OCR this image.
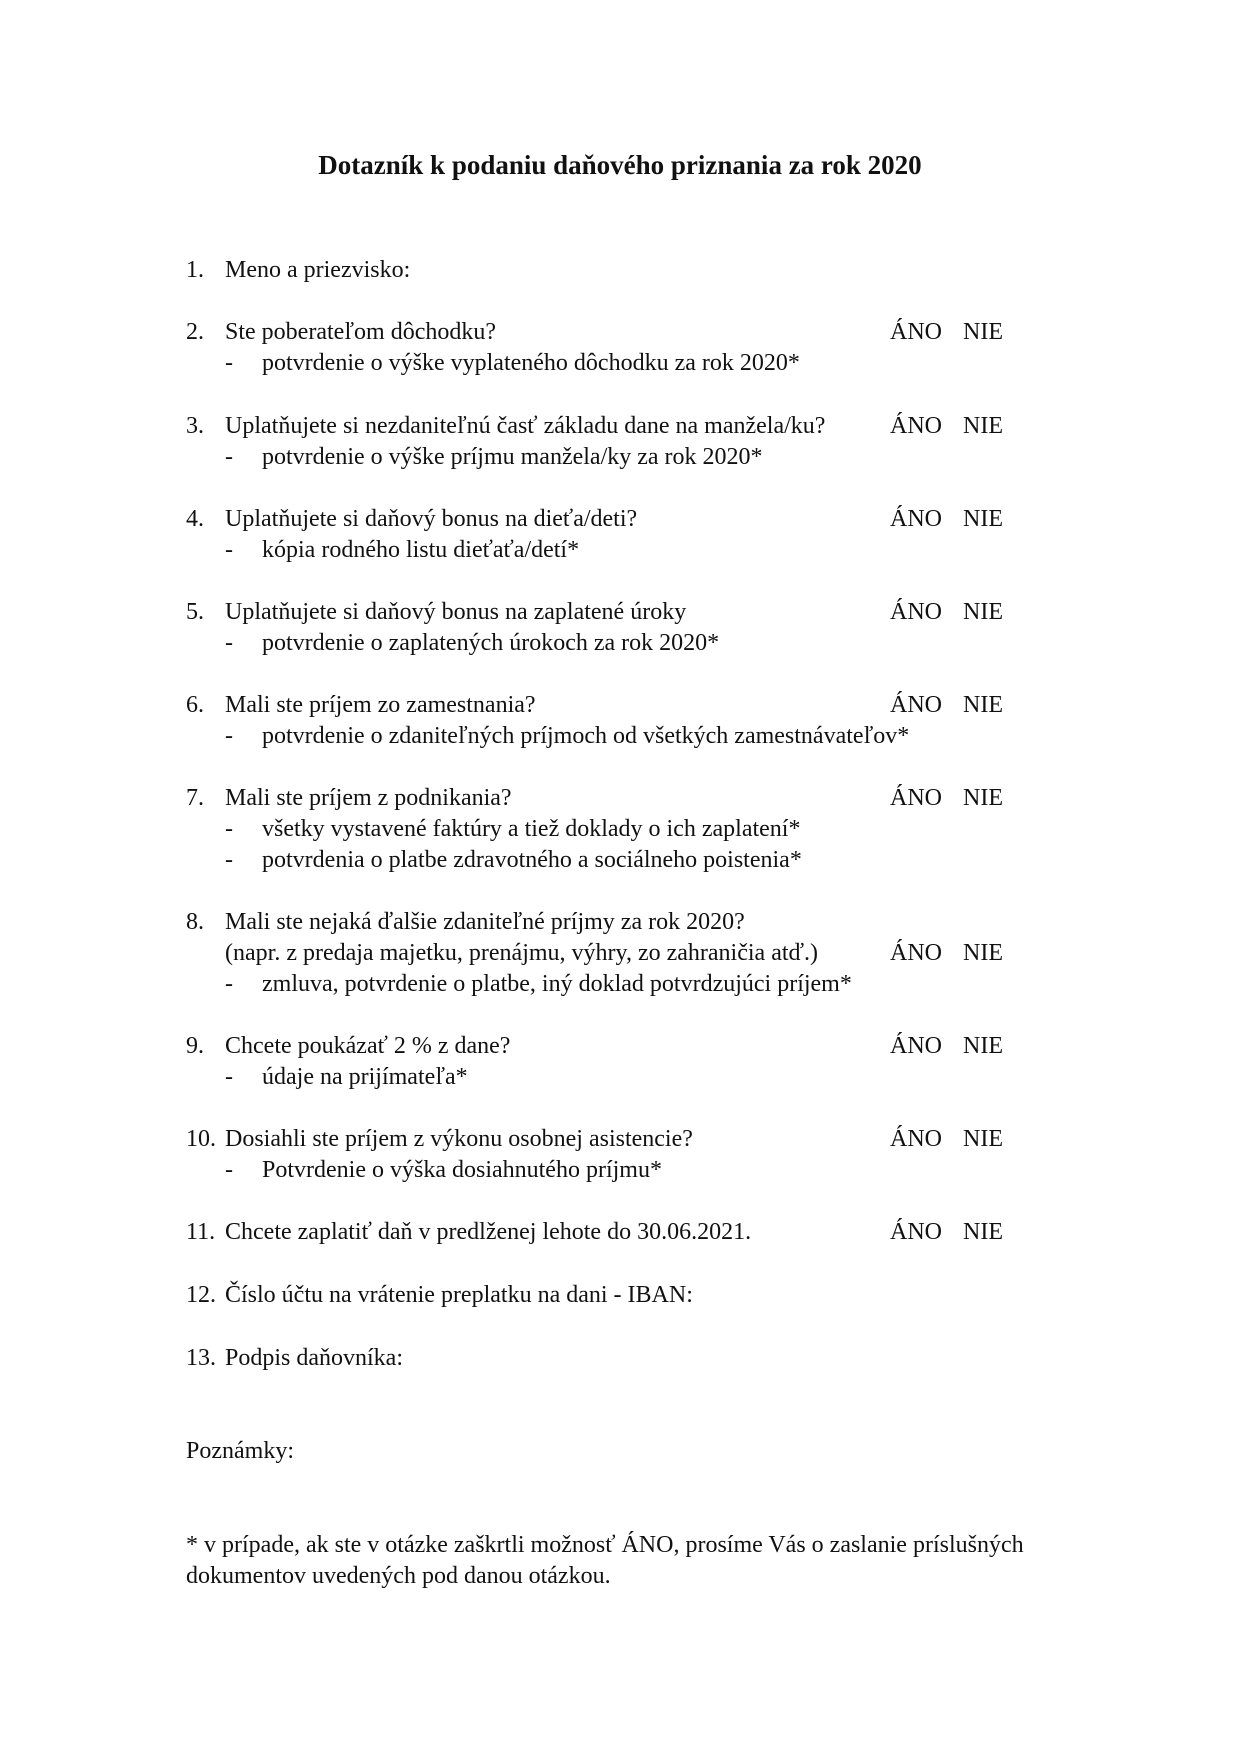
Dotazník k podaniu daňového priznania za rok 2020
1. Meno a priezvisko:
2. Ste poberateľom dôchodku?	ÁNO NIE
- potvrdenie o výške vyplateného dôchodku za rok 2020*
3. Uplatňujete si nezdaniteľnú časť základu dane na manžela/ku?	ÁNO NIE
- potvrdenie o výške príjmu manžela/ky za rok 2020*
4. Uplatňujete si daňový bonus na dieťa/deti?	ÁNO NIE
- kópia rodného listu dieťaťa/detí*
5. Uplatňujete si daňový bonus na zaplatené úroky	ÁNO NIE
- potvrdenie o zaplatených úrokoch za rok 2020*
6. Mali ste príjem zo zamestnania?	ÁNO NIE
- potvrdenie o zdaniteľných príjmoch od všetkých zamestnávateľov*
7. Mali ste príjem z podnikania?	ÁNO NIE
- všetky vystavené faktúry a tiež doklady o ich zaplatení*
- potvrdenia o platbe zdravotného a sociálneho poistenia*
8. Mali ste nejaká ďalšie zdaniteľné príjmy za rok 2020?
(napr. z predaja majetku, prenájmu, výhry, zo zahraničia atď.)	ÁNO NIE
- zmluva, potvrdenie o platbe, iný doklad potvrdzujúci príjem*
9. Chcete poukázať 2 % z dane?	ÁNO NIE
- údaje na prijímateľa*
10. Dosiahli ste príjem z výkonu osobnej asistencie?	ÁNO NIE
- Potvrdenie o výška dosiahnutého príjmu*
11. Chcete zaplatiť daň v predlženej lehote do 30.06.2021.	ÁNO NIE
12. Číslo účtu na vrátenie preplatku na dani - IBAN:
13. Podpis daňovníka:
Poznámky:
* v prípade, ak ste v otázke zaškrtli možnosť ÁNO, prosíme Vás o zaslanie príslušných
dokumentov uvedených pod danou otázkou.
